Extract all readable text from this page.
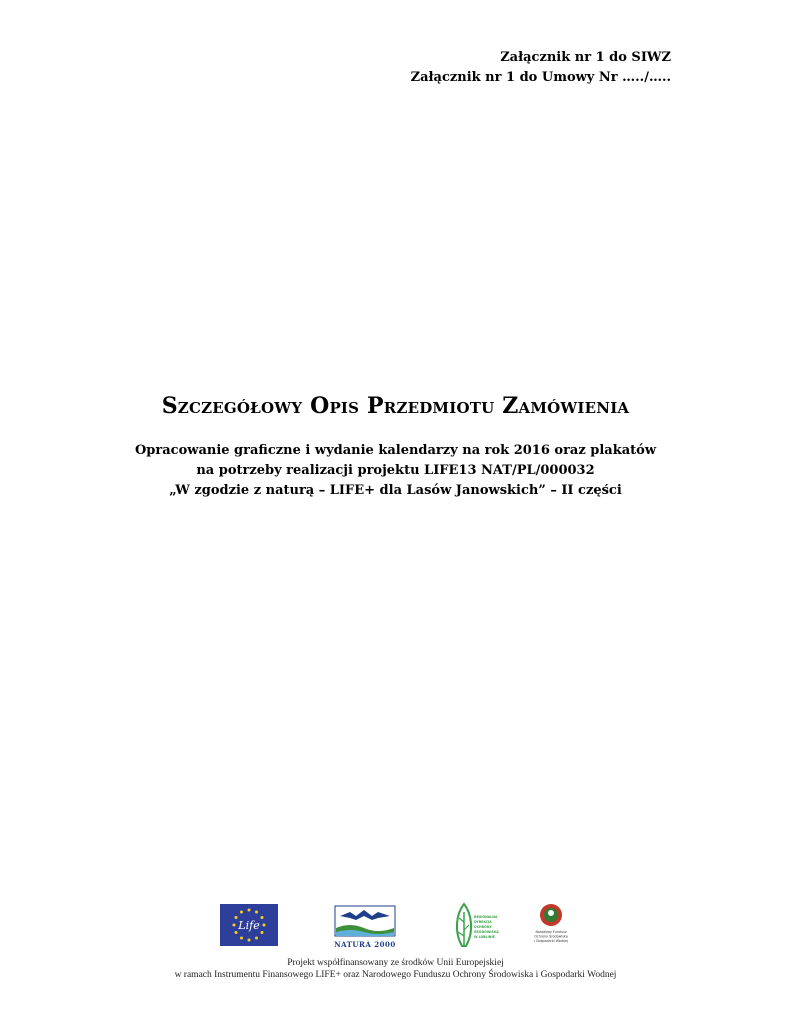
Załącznik nr 1 do SIWZ
Załącznik nr 1 do Umowy Nr …../…..
Szczegółowy Opis Przedmiotu Zamówienia
Opracowanie graficzne i wydanie kalendarzy na rok 2016 oraz plakatów
na potrzeby realizacji projektu LIFE13 NAT/PL/000032
„W zgodzie z naturą – LIFE+ dla Lasów Janowskich” – II części
Life
NATURA 2000
REGIONALNA
DYREKCJA
OCHRONY
ŚRODOWISKA
W LUBLINIE
Narodowy Fundusz
Ochrony Środowiska
i Gospodarki Wodnej
Projekt współfinansowany ze środków Unii Europejskiej
w ramach Instrumentu Finansowego LIFE+ oraz Narodowego Funduszu Ochrony Środowiska i Gospodarki Wodnej
